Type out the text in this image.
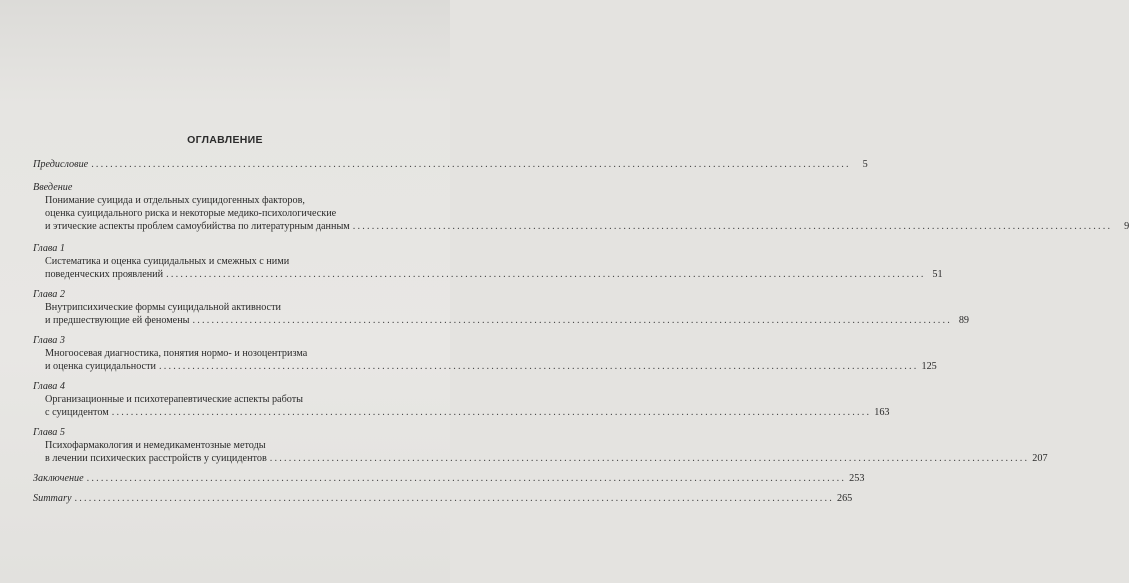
ОГЛАВЛЕНИЕ
Предисловие ................................................................................................................................................................	5
Введение
Понимание суицида и отдельных суицидогенных факторов,
оценка суицидального риска и некоторые медико-психологические
и этические аспекты проблем самоубийства по литературным данным ................................................................................................................................................................	9
Глава 1
Систематика и оценка суицидальных и смежных с ними
поведенческих проявлений ................................................................................................................................................................ 51
Глава 2
Внутрипсихические формы суицидальной активности
и предшествующие ей феномены ................................................................................................................................................................ 89
Глава 3
Многоосевая диагностика, понятия нормо- и нозоцентризма
и оценка суицидальности ................................................................................................................................................................ 125
Глава 4
Организационные и психотерапевтические аспекты работы
с суицидентом ................................................................................................................................................................ 163
Глава 5
Психофармакология и немедикаментозные методы
в лечении психических расстройств у суицидентов ................................................................................................................................................................ 207
Заключение ................................................................................................................................................................ 253
Summary ................................................................................................................................................................ 265
